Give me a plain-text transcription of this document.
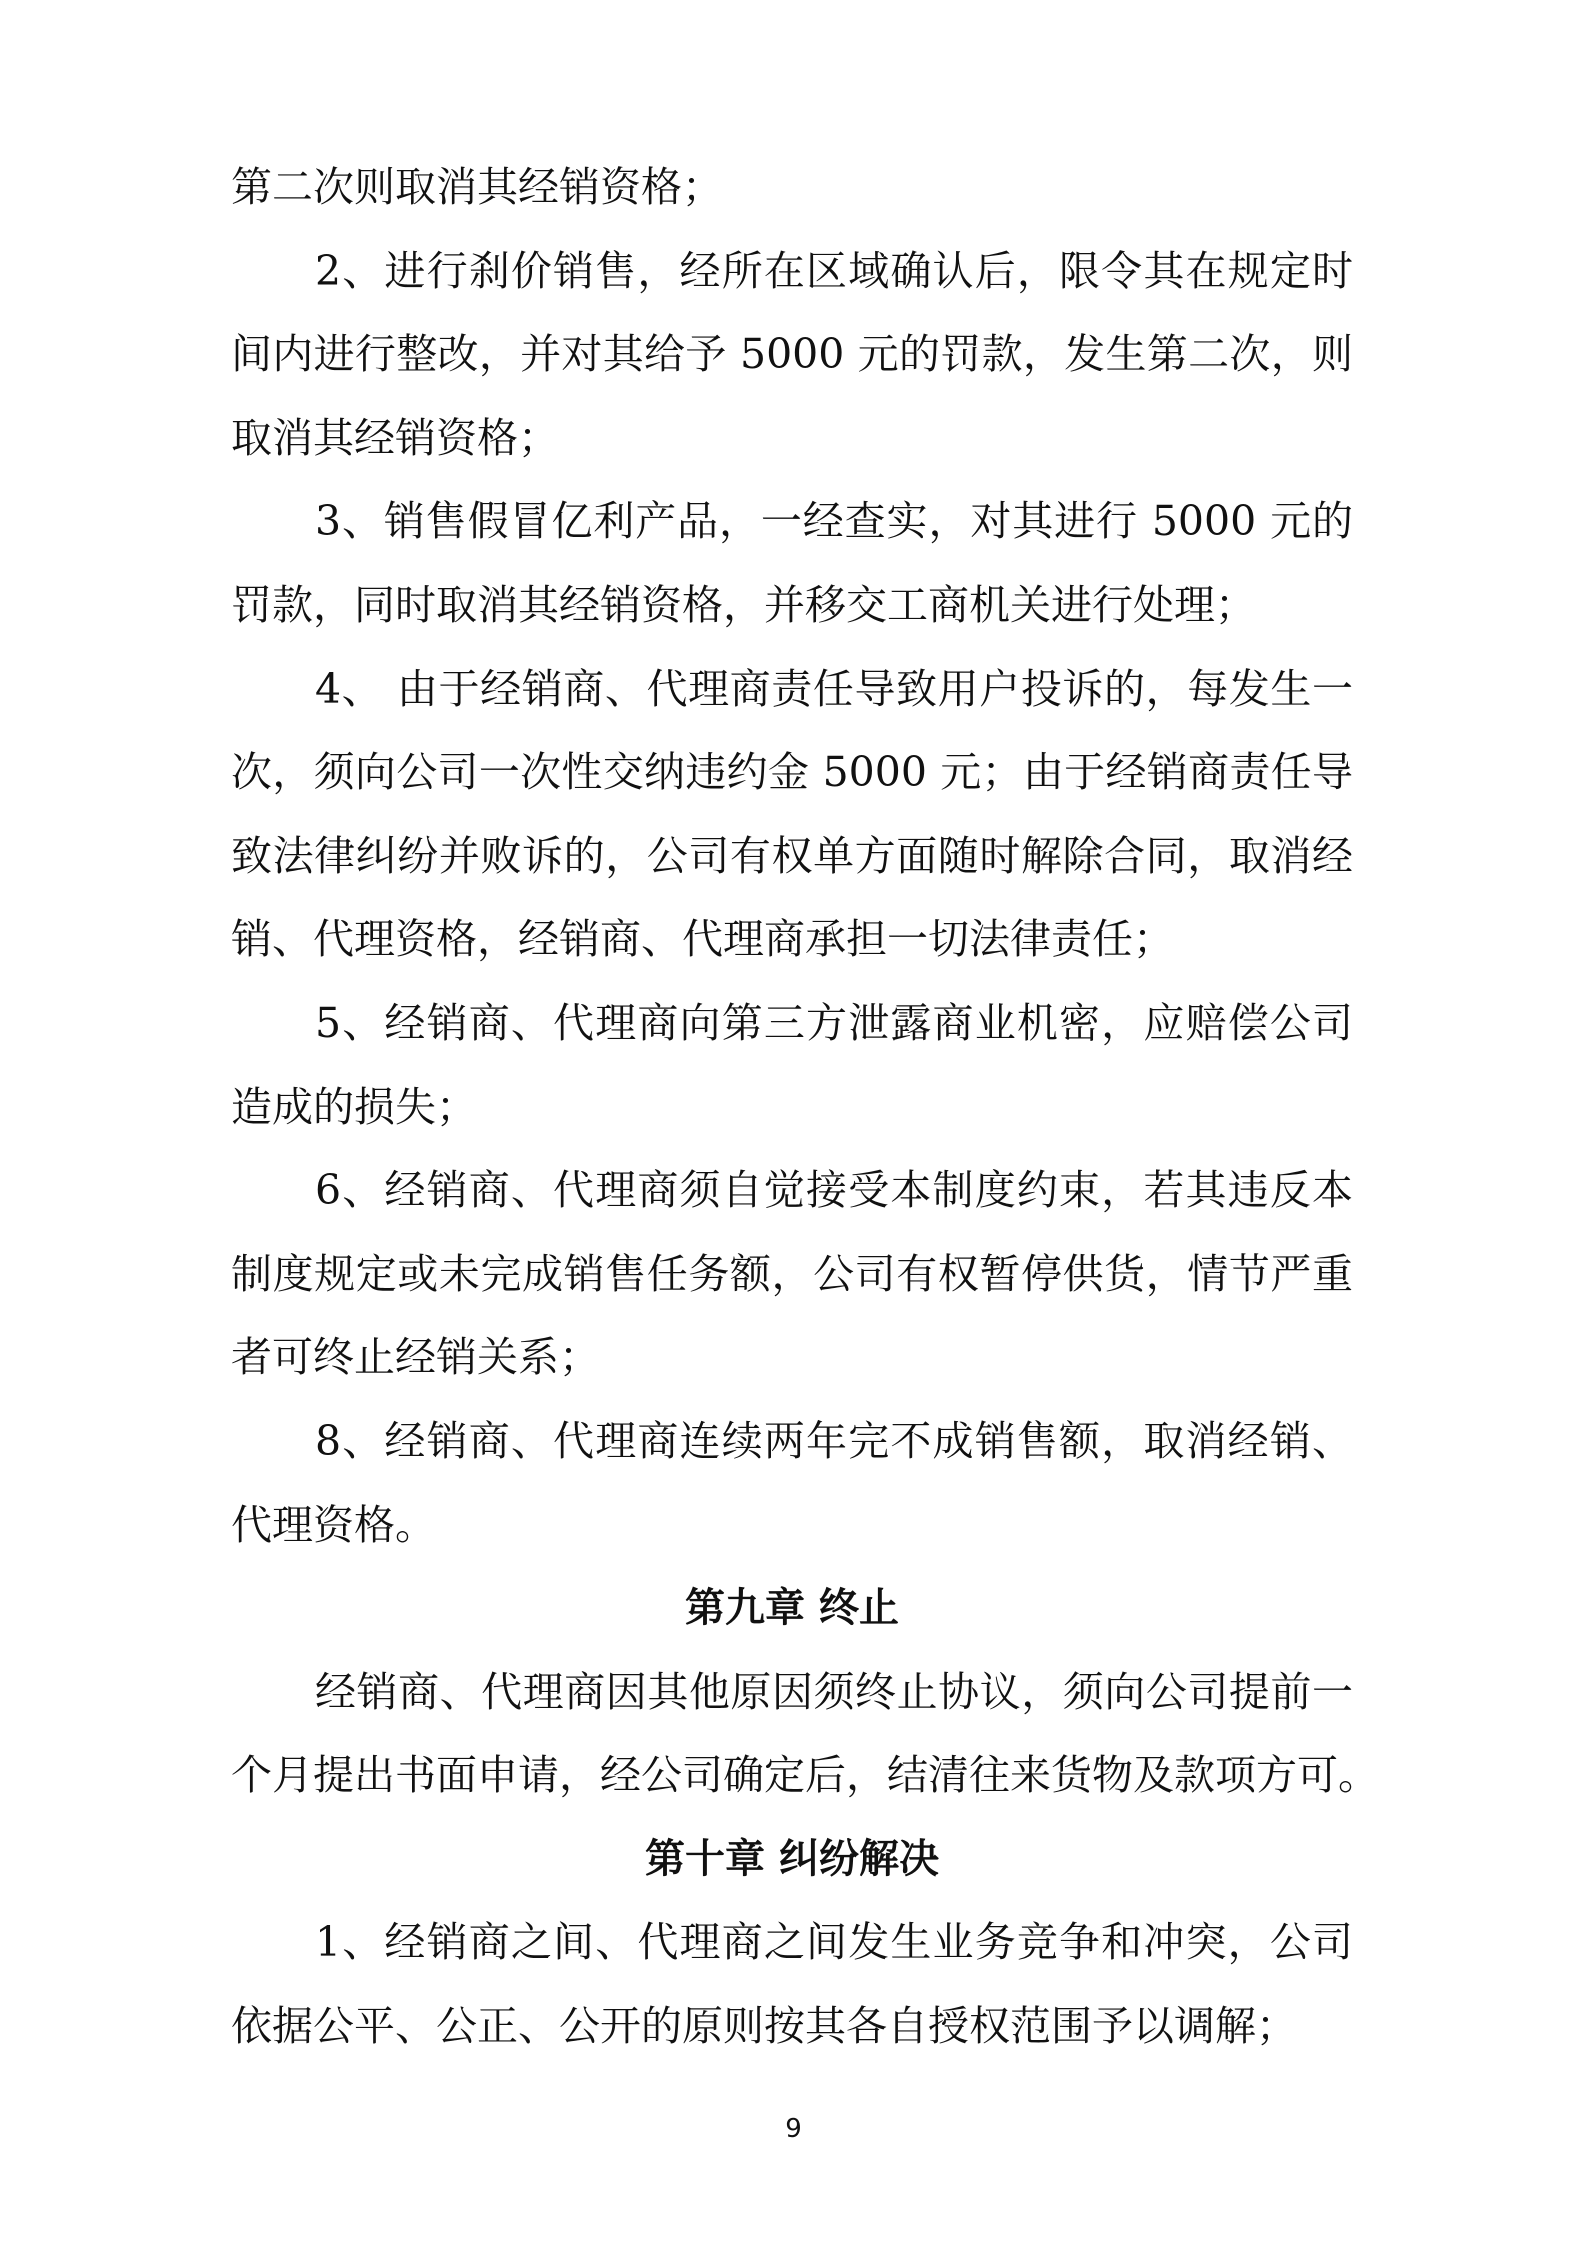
第二次则取消其经销资格；
2、进行刹价销售，经所在区域确认后，限令其在规定时
间内进行整改，并对其给予 5000 元的罚款，发生第二次，则
取消其经销资格；
3、销售假冒亿利产品，一经查实，对其进行 5000 元的
罚款，同时取消其经销资格，并移交工商机关进行处理；
4、 由于经销商、代理商责任导致用户投诉的，每发生一
次，须向公司一次性交纳违约金 5000 元；由于经销商责任导
致法律纠纷并败诉的，公司有权单方面随时解除合同，取消经
销、代理资格，经销商、代理商承担一切法律责任；
5、经销商、代理商向第三方泄露商业机密，应赔偿公司
造成的损失；
6、经销商、代理商须自觉接受本制度约束，若其违反本
制度规定或未完成销售任务额，公司有权暂停供货，情节严重
者可终止经销关系；
8、经销商、代理商连续两年完不成销售额，取消经销、
代理资格。
第九章 终止
经销商、代理商因其他原因须终止协议，须向公司提前一
个月提出书面申请，经公司确定后，结清往来货物及款项方可。
第十章 纠纷解决
1、经销商之间、代理商之间发生业务竞争和冲突，公司
依据公平、公正、公开的原则按其各自授权范围予以调解；
9
